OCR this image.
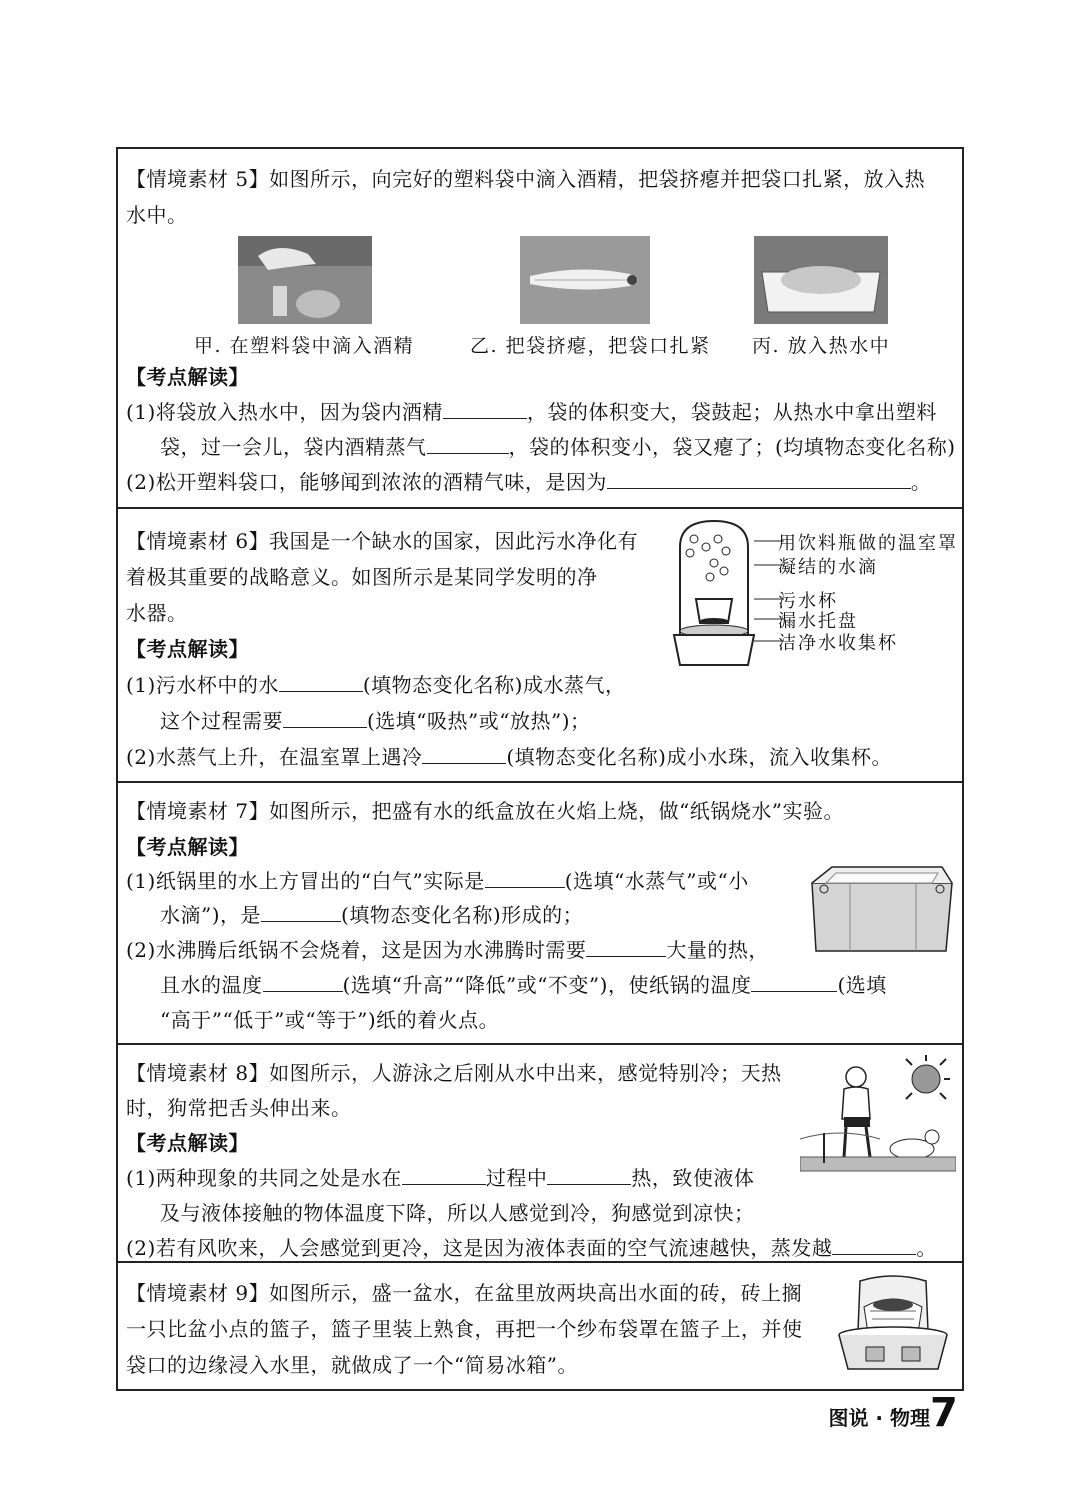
【情境素材 5】如图所示，向完好的塑料袋中滴入酒精，把袋挤瘪并把袋口扎紧，放入热
水中。
甲. 在塑料袋中滴入酒精	乙. 把袋挤瘪，把袋口扎紧 丙. 放入热水中
【考点解读】
(1)将袋放入热水中，因为袋内酒精	，袋的体积变大，袋鼓起；从热水中拿出塑料
袋，过一会儿，袋内酒精蒸气	，袋的体积变小，袋又瘪了；(均填物态变化名称)
(2)松开塑料袋口，能够闻到浓浓的酒精气味，是因为	。
【情境素材 6】我国是一个缺水的国家，因此污水净化有
着极其重要的战略意义。如图所示是某同学发明的净
水器。
用饮料瓶做的温室罩
凝结的水滴
污水杯
漏水托盘
洁净水收集杯
【考点解读】
(1)污水杯中的水	(填物态变化名称)成水蒸气，
这个过程需要	(选填“吸热”或“放热”)；
(2)水蒸气上升，在温室罩上遇冷	(填物态变化名称)成小水珠，流入收集杯。
【情境素材 7】如图所示，把盛有水的纸盒放在火焰上烧，做“纸锅烧水”实验。
【考点解读】
(1)纸锅里的水上方冒出的“白气”实际是	(选填“水蒸气”或“小
水滴”)，是	(填物态变化名称)形成的；
(2)水沸腾后纸锅不会烧着，这是因为水沸腾时需要	大量的热，
且水的温度	(选填“升高”“降低”或“不变”)，使纸锅的温度	(选填
“高于”“低于”或“等于”)纸的着火点。
【情境素材 8】如图所示，人游泳之后刚从水中出来，感觉特别冷；天热
时，狗常把舌头伸出来。
【考点解读】
(1)两种现象的共同之处是水在	过程中	热，致使液体
及与液体接触的物体温度下降，所以人感觉到冷，狗感觉到凉快；
(2)若有风吹来，人会感觉到更冷，这是因为液体表面的空气流速越快，蒸发越	。
【情境素材 9】如图所示，盛一盆水，在盆里放两块高出水面的砖，砖上搁
一只比盆小点的篮子，篮子里装上熟食，再把一个纱布袋罩在篮子上，并使
袋口的边缘浸入水里，就做成了一个“简易冰箱”。
图说 · 物理 7
